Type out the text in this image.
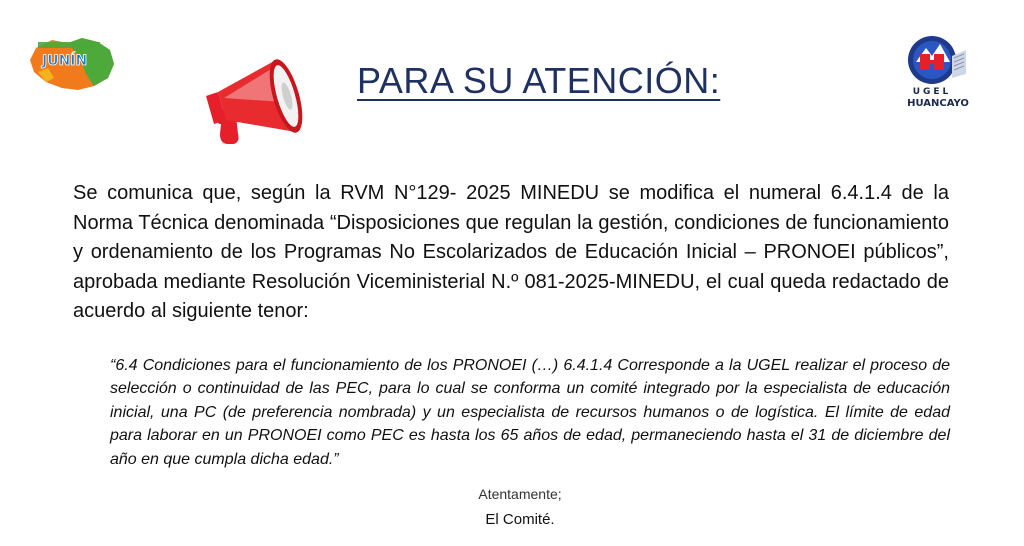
JUNÍN	PARA SU ATENCIÓN:	UGEL
HUANCAYO
Se comunica que, según la RVM N°129- 2025 MINEDU se modifica el numeral 6.4.1.4 de la Norma Técnica denominada “Disposiciones que regulan la gestión, condiciones de funcionamiento y ordenamiento de los Programas No Escolarizados de Educación Inicial – PRONOEI públicos”, aprobada mediante Resolución Viceministerial N.º 081-2025-MINEDU, el cual queda redactado de acuerdo al siguiente tenor:
“6.4 Condiciones para el funcionamiento de los PRONOEI (…) 6.4.1.4 Corresponde a la UGEL realizar el proceso de selección o continuidad de las PEC, para lo cual se conforma un comité integrado por la especialista de educación inicial, una PC (de preferencia nombrada) y un especialista de recursos humanos o de logística. El límite de edad para laborar en un PRONOEI como PEC es hasta los 65 años de edad, permaneciendo hasta el 31 de diciembre del año en que cumpla dicha edad.”
Atentamente;
El Comité.
